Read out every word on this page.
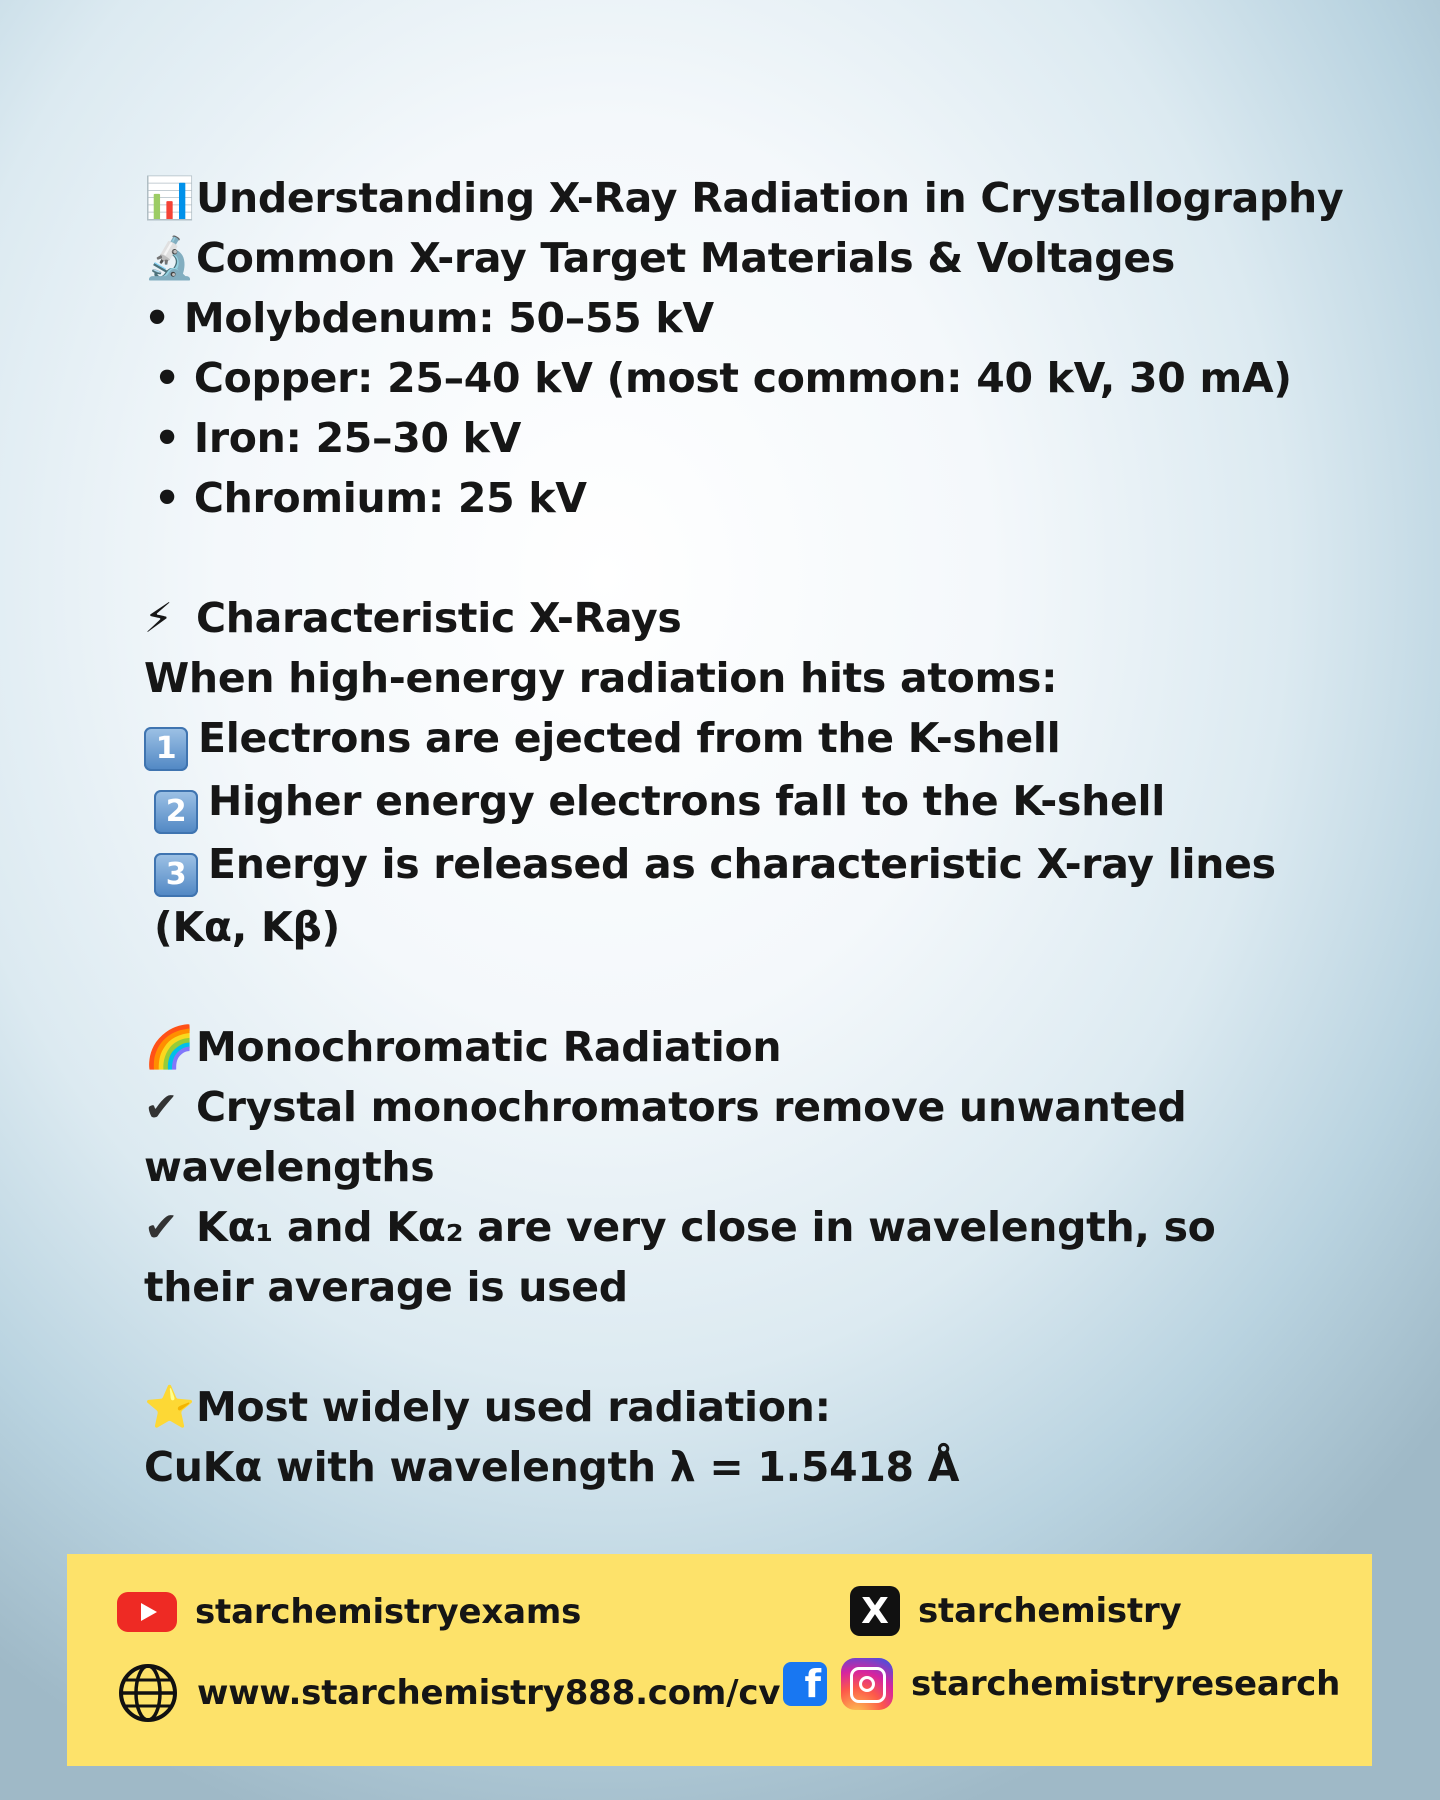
📊Understanding X-Ray Radiation in Crystallography
🔬Common X-ray Target Materials & Voltages
• Molybdenum: 50–55 kV
• Copper: 25–40 kV (most common: 40 kV, 30 mA)
• Iron: 25–30 kV
• Chromium: 25 kV
⚡ Characteristic X-Rays
When high-energy radiation hits atoms:
1 Electrons are ejected from the K-shell
2 Higher energy electrons fall to the K-shell
3 Energy is released as characteristic X-ray lines (Kα, Kβ)
🌈Monochromatic Radiation
✔ Crystal monochromators remove unwanted wavelengths
✔ Kα₁ and Kα₂ are very close in wavelength, so their average is used
⭐Most widely used radiation:
CuKα with wavelength λ = 1.5418 Å
starchemistryexams	X starchemistry
www.starchemistry888.com/cv f	starchemistryresearch
